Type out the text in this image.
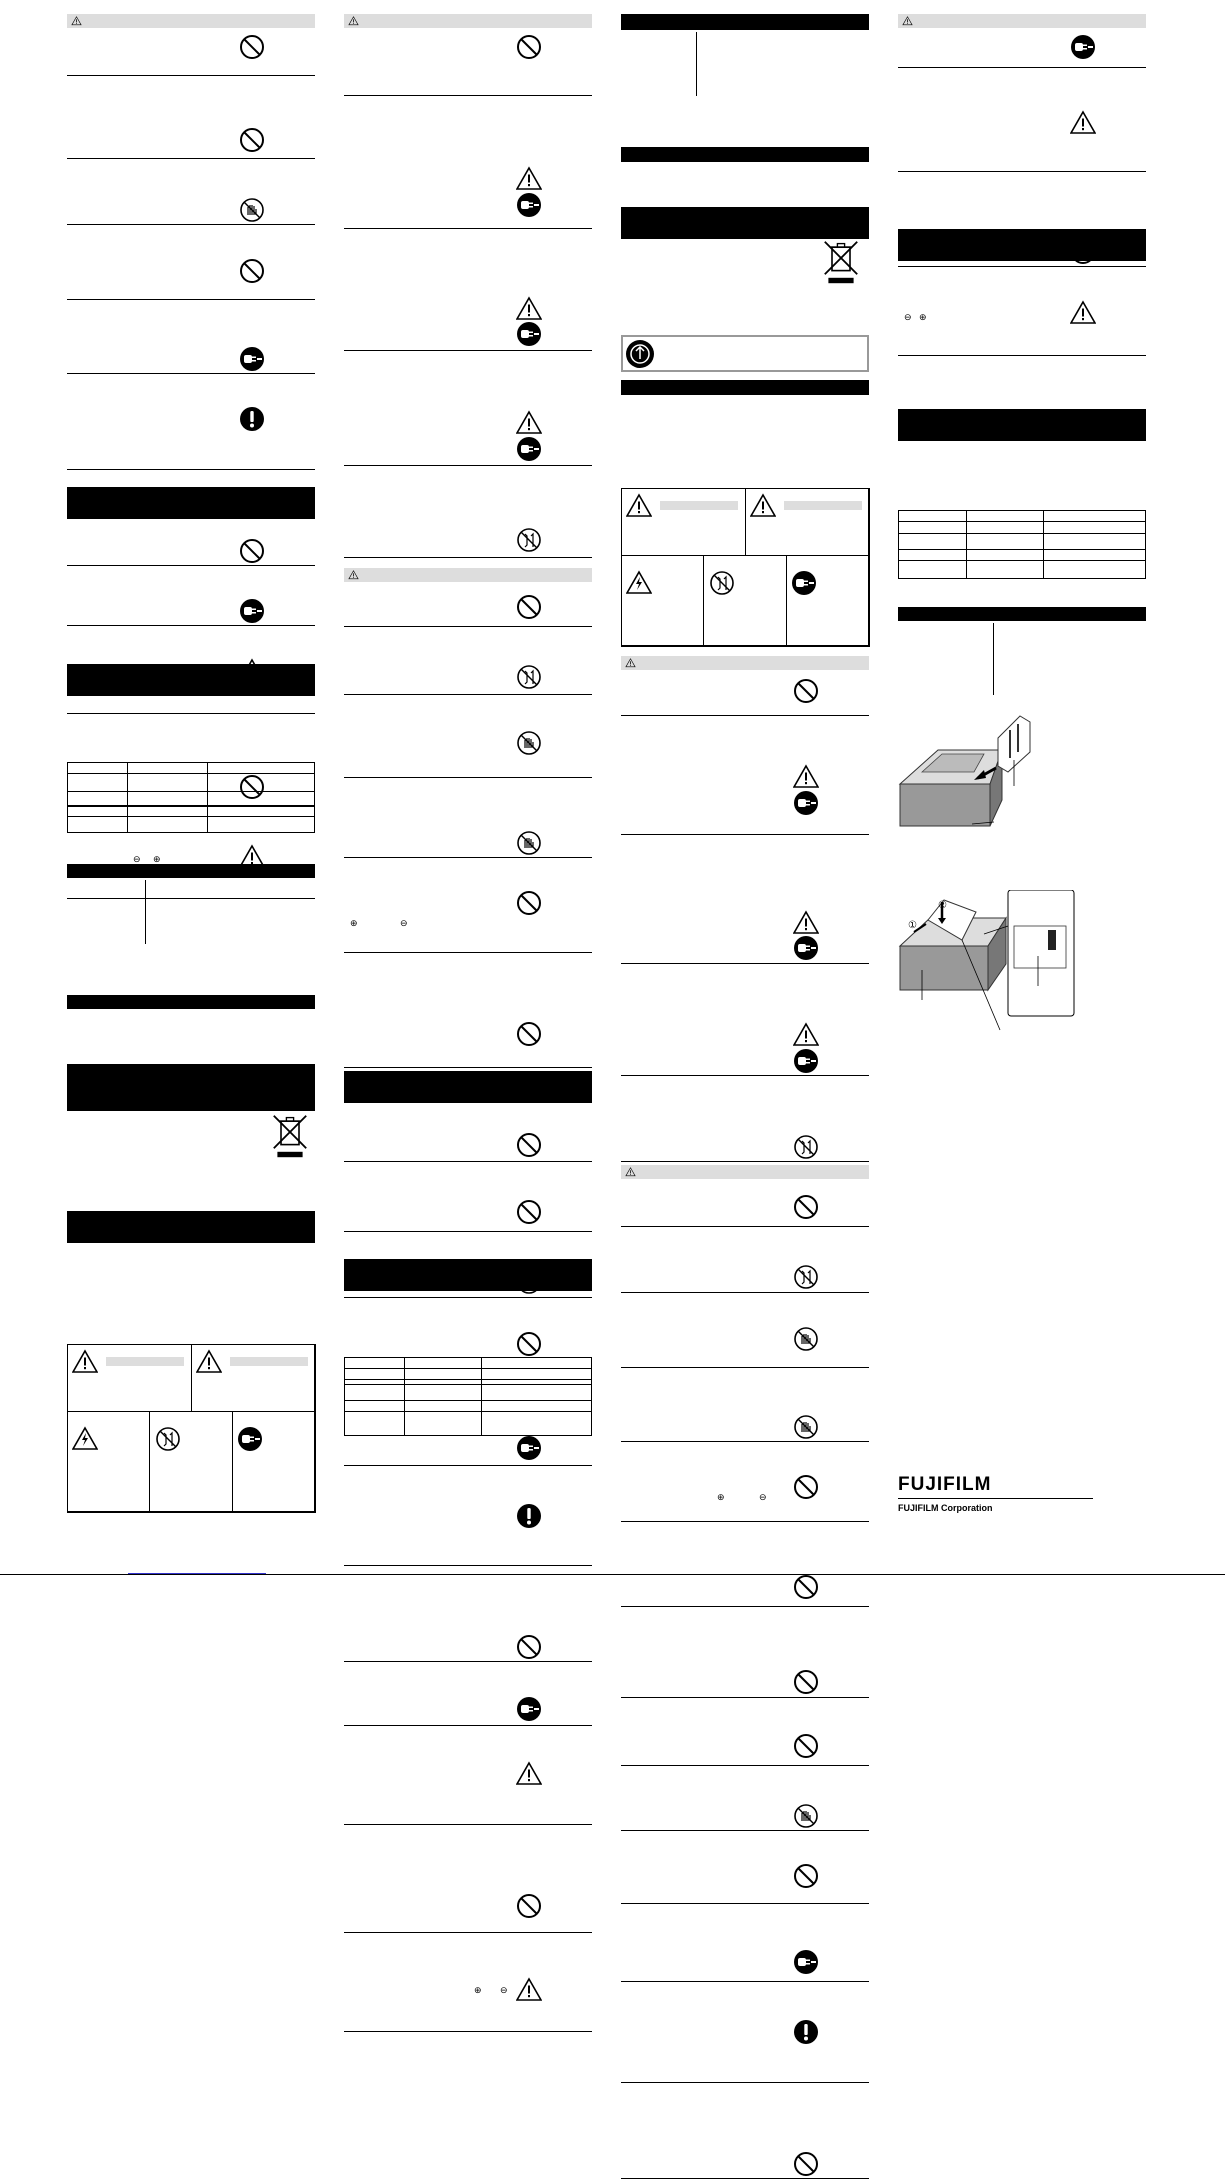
⊖ ⊕

⊕	⊖
⊕ ⊖

⊕	⊖
⊖ ⊕

①
②
FUJIFILM
FUJIFILM Corporation
